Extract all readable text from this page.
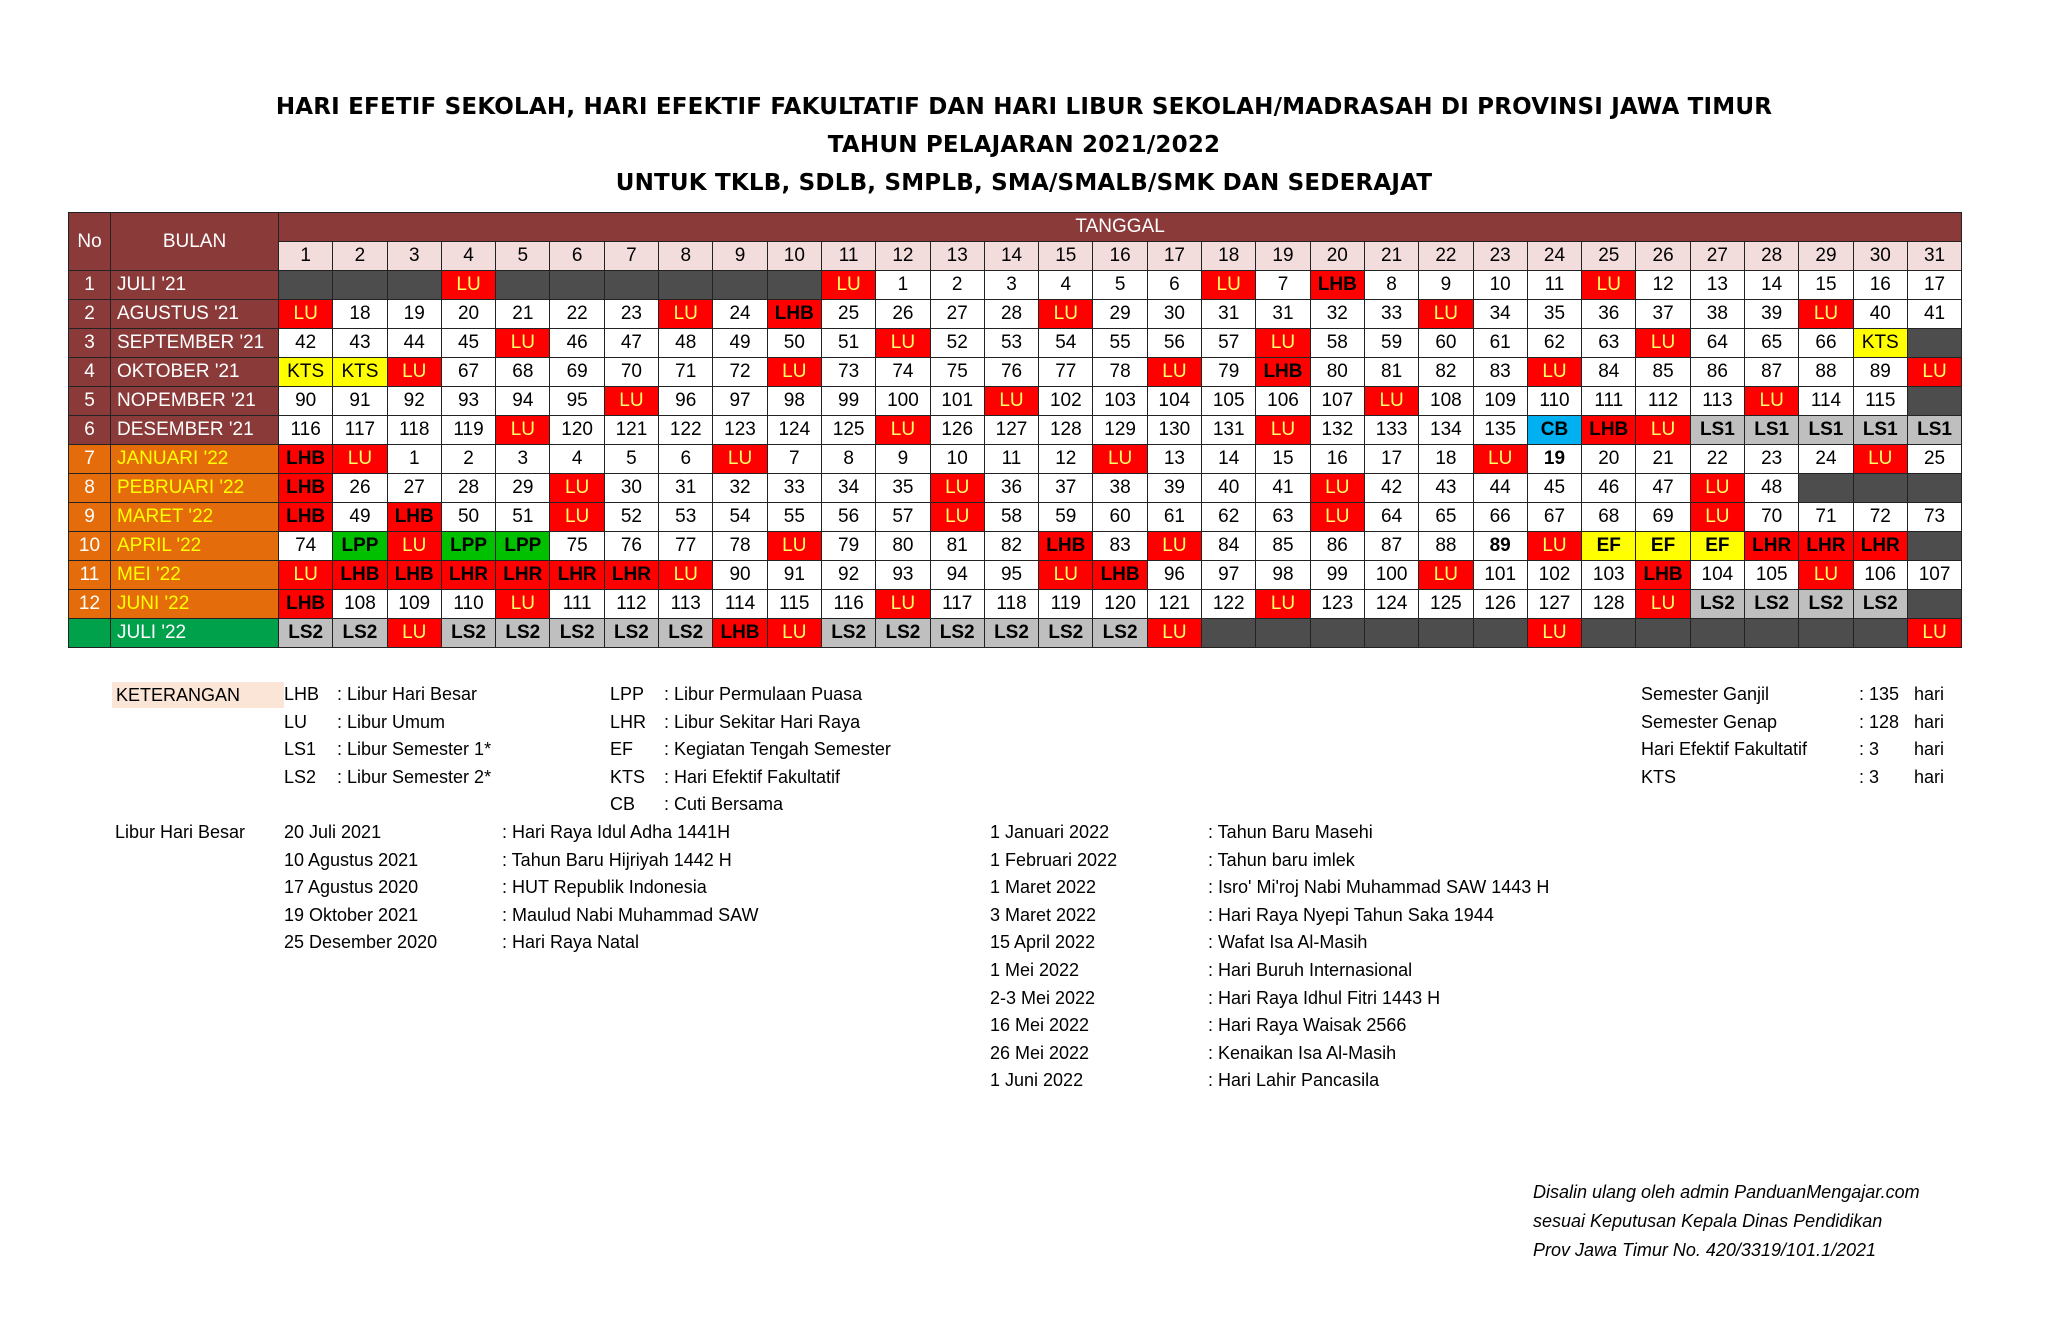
HARI EFETIF SEKOLAH, HARI EFEKTIF FAKULTATIF DAN HARI LIBUR SEKOLAH/MADRASAH DI PROVINSI JAWA TIMUR
TAHUN PELAJARAN 2021/2022
UNTUK TKLB, SDLB, SMPLB, SMA/SMALB/SMK DAN SEDERAJAT
No	BULAN	TANGGAL																														
		1	2	3	4	5	6	7	8	9	10	11	12	13	14	15	16	17	18	19	20	21	22	23	24	25	26	27	28	29	30	31
1	JULI '21				LU							LU	1	2	3	4	5	6	LU	7	LHB	8	9	10	11	LU	12	13	14	15	16	17
2	AGUSTUS '21	LU	18	19	20	21	22	23	LU	24	LHB	25	26	27	28	LU	29	30	31	31	32	33	LU	34	35	36	37	38	39	LU	40	41
3	SEPTEMBER '21	42	43	44	45	LU	46	47	48	49	50	51	LU	52	53	54	55	56	57	LU	58	59	60	61	62	63	LU	64	65	66	KTS	
4	OKTOBER '21	KTS	KTS	LU	67	68	69	70	71	72	LU	73	74	75	76	77	78	LU	79	LHB	80	81	82	83	LU	84	85	86	87	88	89	LU
5	NOPEMBER '21	90	91	92	93	94	95	LU	96	97	98	99	100	101	LU	102	103	104	105	106	107	LU	108	109	110	111	112	113	LU	114	115	
6	DESEMBER '21	116	117	118	119	LU	120	121	122	123	124	125	LU	126	127	128	129	130	131	LU	132	133	134	135	CB	LHB	LU	LS1	LS1	LS1	LS1	LS1
7	JANUARI '22	LHB	LU	1	2	3	4	5	6	LU	7	8	9	10	11	12	LU	13	14	15	16	17	18	LU	19	20	21	22	23	24	LU	25
8	PEBRUARI '22	LHB	26	27	28	29	LU	30	31	32	33	34	35	LU	36	37	38	39	40	41	LU	42	43	44	45	46	47	LU	48			
9	MARET '22	LHB	49	LHB	50	51	LU	52	53	54	55	56	57	LU	58	59	60	61	62	63	LU	64	65	66	67	68	69	LU	70	71	72	73
10	APRIL '22	74	LPP	LU	LPP	LPP	75	76	77	78	LU	79	80	81	82	LHB	83	LU	84	85	86	87	88	89	LU	EF	EF	EF	LHR	LHR	LHR	
11	MEI '22	LU	LHB	LHB	LHR	LHR	LHR	LHR	LU	90	91	92	93	94	95	LU	LHB	96	97	98	99	100	LU	101	102	103	LHB	104	105	LU	106	107
12	JUNI '22	LHB	108	109	110	LU	111	112	113	114	115	116	LU	117	118	119	120	121	122	LU	123	124	125	126	127	128	LU	LS2	LS2	LS2	LS2	
	JULI '22	LS2	LS2	LU	LS2	LS2	LS2	LS2	LS2	LHB	LU	LS2	LS2	LS2	LS2	LS2	LS2	LU							LU							LU
KETERANGAN	LHB : Libur Hari Besar
LU : Libur Umum
LS1 : Libur Semester 1*
LS2 : Libur Semester 2*
LPP : Libur Permulaan Puasa
LHR : Libur Sekitar Hari Raya
EF : Kegiatan Tengah Semester
KTS : Hari Efektif Fakultatif
CB : Cuti Bersama
Semester Ganjil	: 135 hari
Semester Genap	: 128 hari
Hari Efektif Fakultatif	: 3 hari
KTS	: 3 hari
Libur Hari Besar 20 Juli 2021	: Hari Raya Idul Adha 1441H
10 Agustus 2021	: Tahun Baru Hijriyah 1442 H
17 Agustus 2020	: HUT Republik Indonesia
19 Oktober 2021	: Maulud Nabi Muhammad SAW
25 Desember 2020	: Hari Raya Natal
1 Januari 2022	: Tahun Baru Masehi
1 Februari 2022	: Tahun baru imlek
1 Maret 2022	: Isro' Mi'roj Nabi Muhammad SAW 1443 H
3 Maret 2022	: Hari Raya Nyepi Tahun Saka 1944
15 April 2022	: Wafat Isa Al-Masih
1 Mei 2022	: Hari Buruh Internasional
2-3 Mei 2022	: Hari Raya Idhul Fitri 1443 H
16 Mei 2022	: Hari Raya Waisak 2566
26 Mei 2022	: Kenaikan Isa Al-Masih
1 Juni 2022	: Hari Lahir Pancasila
Disalin ulang oleh admin PanduanMengajar.com
sesuai Keputusan Kepala Dinas Pendidikan
Prov Jawa Timur No. 420/3319/101.1/2021
